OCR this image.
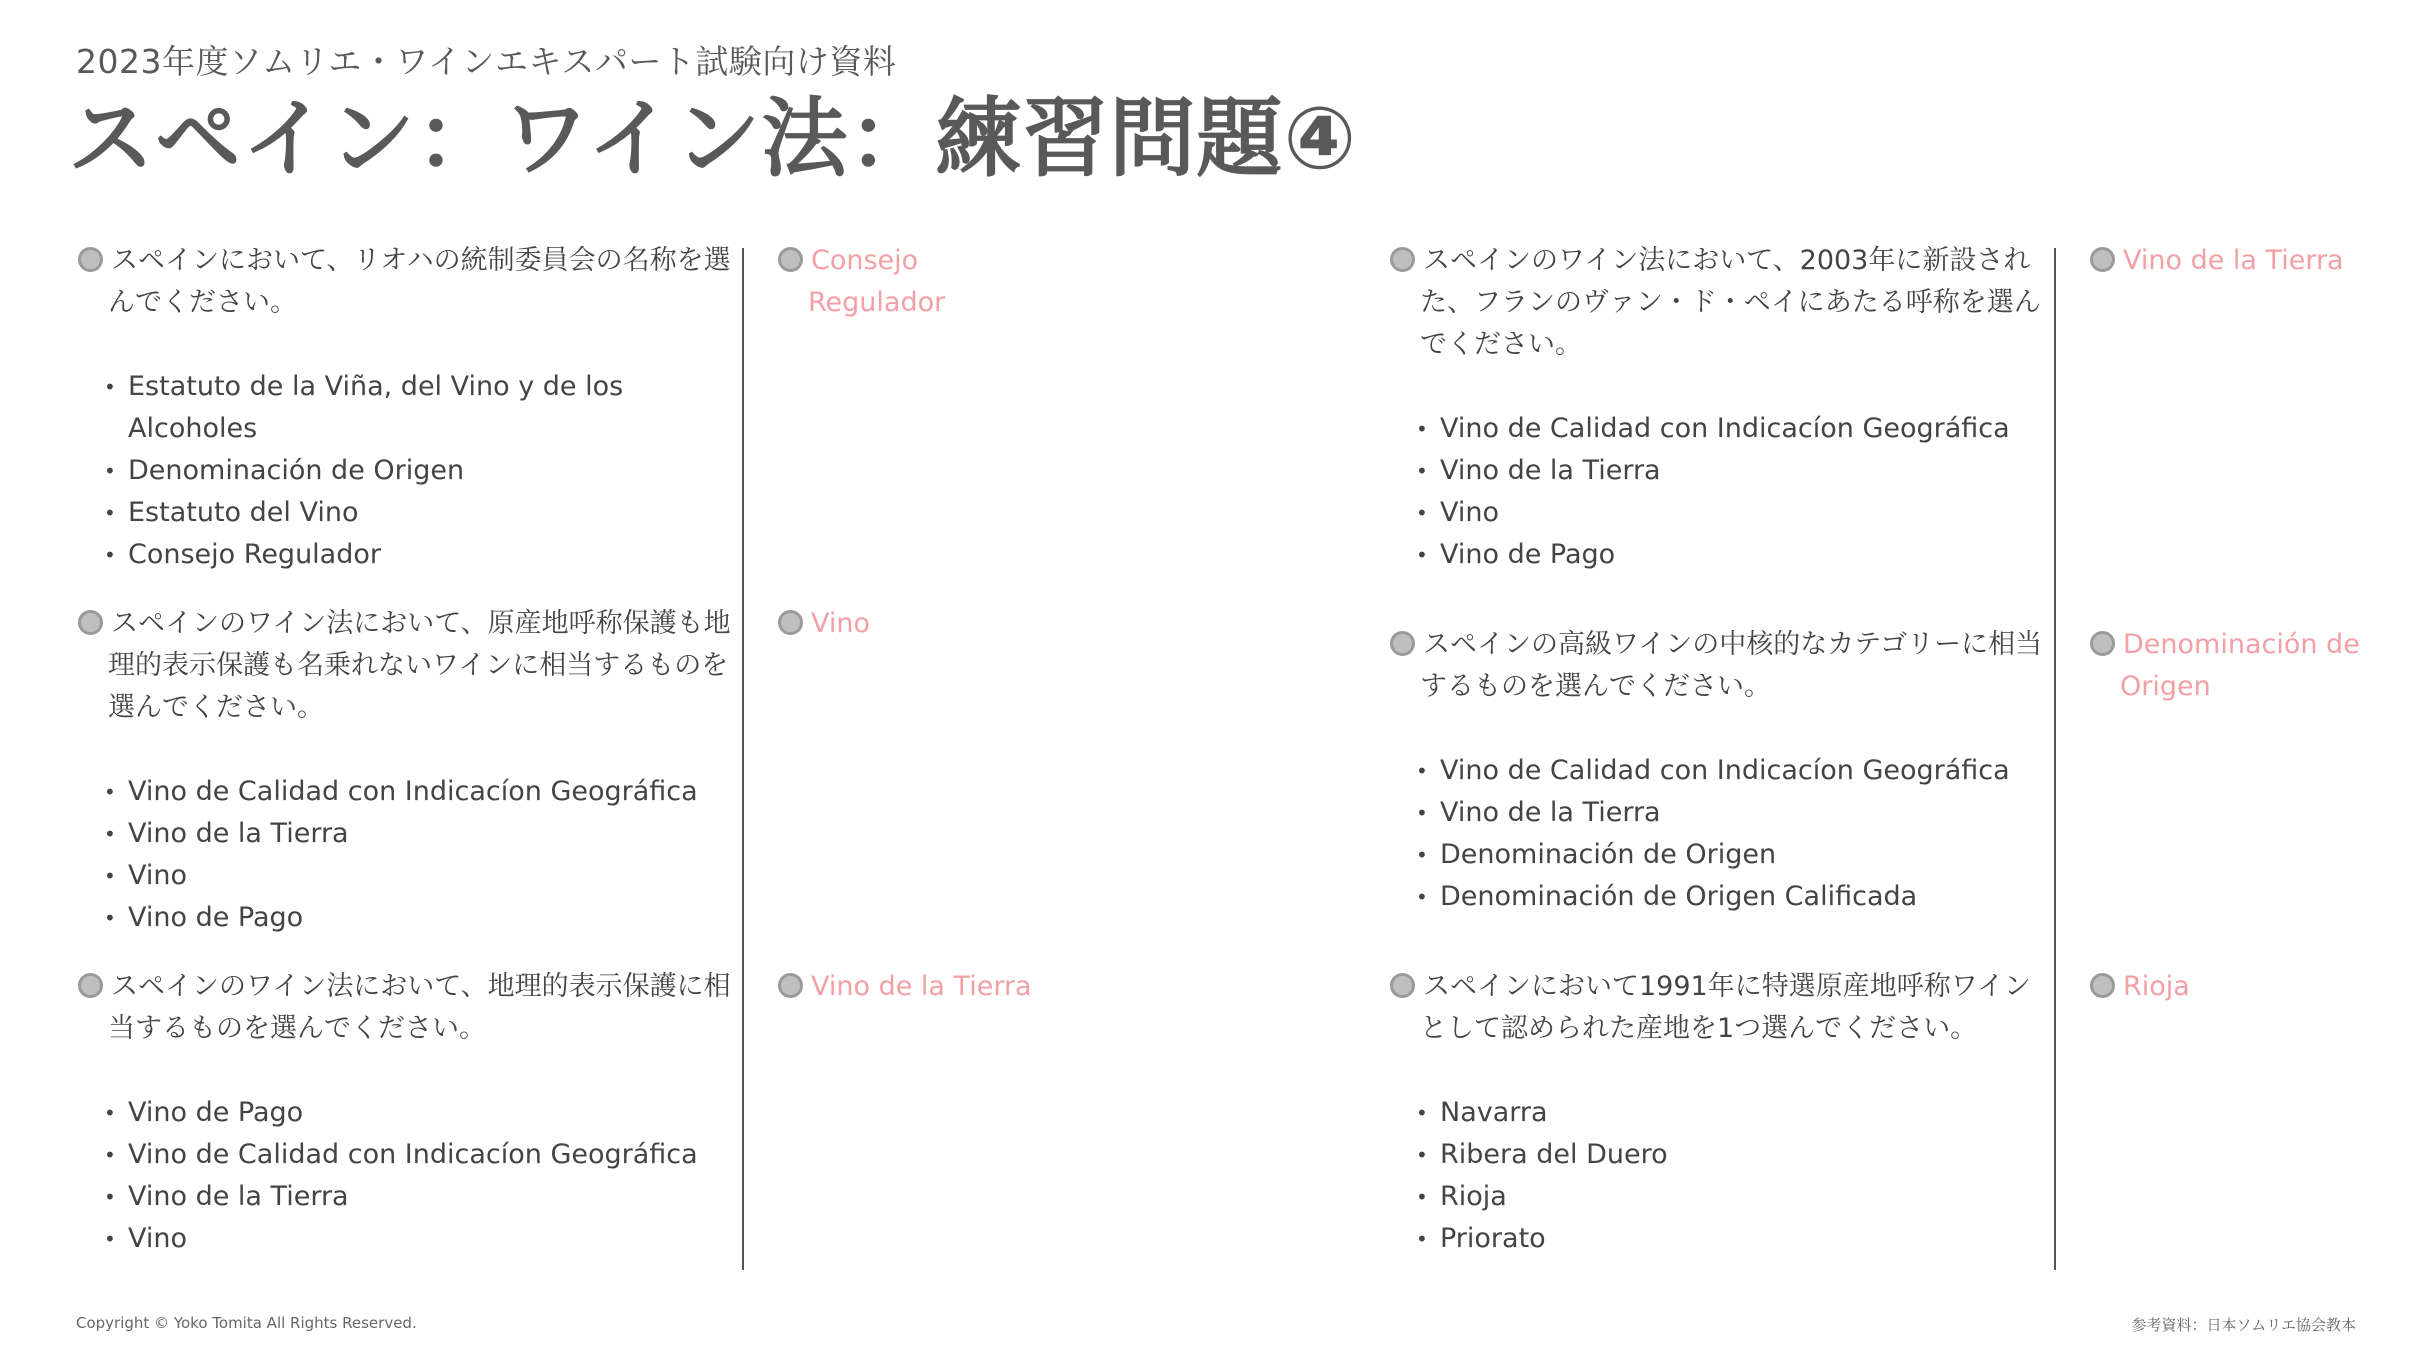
2023年度ソムリエ・ワインエキスパート試験向け資料
スペイン：ワイン法：練習問題④
スペインにおいて、リオハの統制委員会の名称を選んでください。
• Estatuto de la Viña, del Vino y de los Alcoholes
• Denominación de Origen
• Estatuto del Vino
• Consejo Regulador
スペインのワイン法において、原産地呼称保護も地理的表示保護も名乗れないワインに相当するものを選んでください。
• Vino de Calidad con Indicacíon Geográfica
• Vino de la Tierra
• Vino
• Vino de Pago
スペインのワイン法において、地理的表示保護に相当するものを選んでください。
• Vino de Pago
• Vino de Calidad con Indicacíon Geográfica
• Vino de la Tierra
• Vino
Consejo Regulador
Vino
Vino de la Tierra
スペインのワイン法において、2003年に新設された、フランのヴァン・ド・ペイにあたる呼称を選んでください。
• Vino de Calidad con Indicacíon Geográfica
• Vino de la Tierra
• Vino
• Vino de Pago
スペインの高級ワインの中核的なカテゴリーに相当するものを選んでください。
• Vino de Calidad con Indicacíon Geográfica
• Vino de la Tierra
• Denominación de Origen
• Denominación de Origen Calificada
スペインにおいて1991年に特選原産地呼称ワインとして認められた産地を1つ選んでください。
• Navarra
• Ribera del Duero
• Rioja
• Priorato
Vino de la Tierra
Denominación de Origen
Rioja
Copyright © Yoko Tomita All Rights Reserved.	参考資料：日本ソムリエ協会教本
